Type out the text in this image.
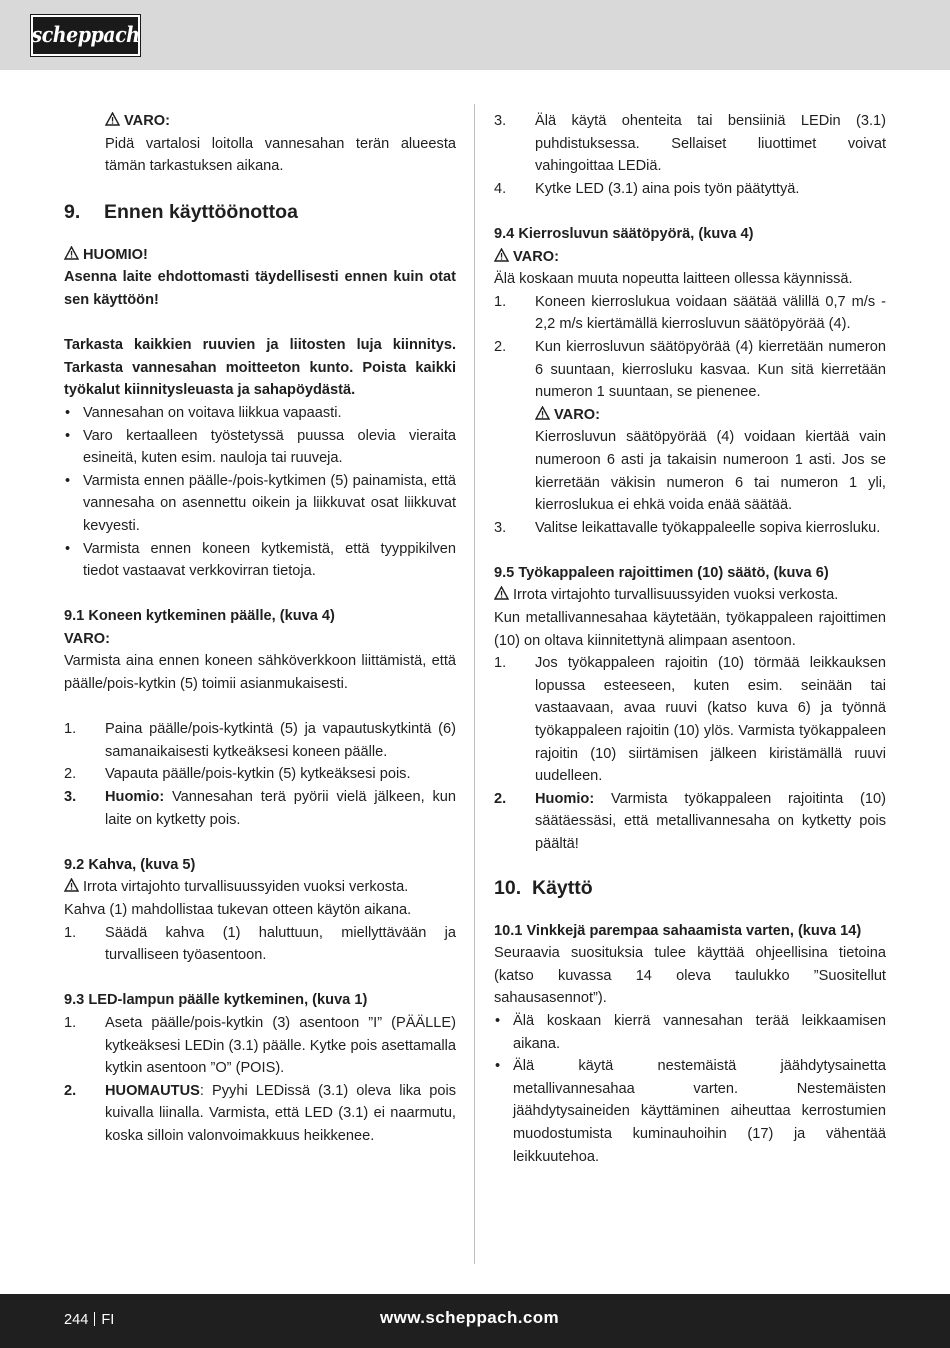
scheppach
VARO:
Pidä vartalosi loitolla vannesahan terän alueesta tämän tarkastuksen aikana.
9.	Ennen käyttöönottoa
HUOMIO!
Asenna laite ehdottomasti täydellisesti ennen kuin otat sen käyttöön!
Tarkasta kaikkien ruuvien ja liitosten luja kiinnitys. Tarkasta vannesahan moitteeton kunto. Poista kaikki työkalut kiinnitysleuasta ja sahapöydästä.
• Vannesahan on voitava liikkua vapaasti.
• Varo kertaalleen työstetyssä puussa olevia vieraita esineitä, kuten esim. nauloja tai ruuveja.
• Varmista ennen päälle-/pois-kytkimen (5) painamista, että vannesaha on asennettu oikein ja liikkuvat osat liikkuvat kevyesti.
• Varmista ennen koneen kytkemistä, että tyyppikilven tiedot vastaavat verkkovirran tietoja.
9.1 Koneen kytkeminen päälle, (kuva 4)
VARO:
Varmista aina ennen koneen sähköverkkoon liittämistä, että päälle/pois-kytkin (5) toimii asianmukaisesti.
1.	Paina päälle/pois-kytkintä (5) ja vapautuskytkintä (6) samanaikaisesti kytkeäksesi koneen päälle.
2.	Vapauta päälle/pois-kytkin (5) kytkeäksesi pois.
3.	Huomio: Vannesahan terä pyörii vielä jälkeen, kun laite on kytketty pois.
9.2 Kahva, (kuva 5)
Irrota virtajohto turvallisuussyiden vuoksi verkosta.
Kahva (1) mahdollistaa tukevan otteen käytön aikana.
1.	Säädä kahva (1) haluttuun, miellyttävään ja turvalliseen työasentoon.
9.3 LED-lampun päälle kytkeminen, (kuva 1)
1.	Aseta päälle/pois-kytkin (3) asentoon ”I” (PÄÄLLE) kytkeäksesi LEDin (3.1) päälle. Kytke pois asettamalla kytkin asentoon ”O” (POIS).
2.	HUOMAUTUS: Pyyhi LEDissä (3.1) oleva lika pois kuivalla liinalla. Varmista, että LED (3.1) ei naarmutu, koska silloin valonvoimakkuus heikkenee.
3.	Älä käytä ohenteita tai bensiiniä LEDin (3.1) puhdistuksessa. Sellaiset liuottimet voivat vahingoittaa LEDiä.
4.	Kytke LED (3.1) aina pois työn päätyttyä.
9.4 Kierrosluvun säätöpyörä, (kuva 4)
VARO:
Älä koskaan muuta nopeutta laitteen ollessa käynnissä.
1.	Koneen kierroslukua voidaan säätää välillä 0,7 m/s - 2,2 m/s kiertämällä kierrosluvun säätöpyörää (4).
2.	Kun kierrosluvun säätöpyörää (4) kierretään numeron 6 suuntaan, kierrosluku kasvaa. Kun sitä kierretään numeron 1 suuntaan, se pienenee.
VARO:
Kierrosluvun säätöpyörää (4) voidaan kiertää vain numeroon 6 asti ja takaisin numeroon 1 asti. Jos se kierretään väkisin numeron 6 tai numeron 1 yli, kierroslukua ei ehkä voida enää säätää.
3.	Valitse leikattavalle työkappaleelle sopiva kierrosluku.
9.5 Työkappaleen rajoittimen (10) säätö, (kuva 6)
Irrota virtajohto turvallisuussyiden vuoksi verkosta.
Kun metallivannesahaa käytetään, työkappaleen rajoittimen (10) on oltava kiinnitettynä alimpaan asentoon.
1.	Jos työkappaleen rajoitin (10) törmää leikkauksen lopussa esteeseen, kuten esim. seinään tai vastaavaan, avaa ruuvi (katso kuva 6) ja työnnä työkappaleen rajoitin (10) ylös. Varmista työkappaleen rajoitin (10) siirtämisen jälkeen kiristämällä ruuvi uudelleen.
2.	Huomio: Varmista työkappaleen rajoitinta (10) säätäessäsi, että metallivannesaha on kytketty pois päältä!
10. Käyttö
10.1 Vinkkejä parempaa sahaamista varten, (kuva 14)
Seuraavia suosituksia tulee käyttää ohjeellisina tietoina (katso kuvassa 14 oleva taulukko ”Suositellut sahausasennot”).
• Älä koskaan kierrä vannesahan terää leikkaamisen aikana.
• Älä käytä nestemäistä jäähdytysainetta metallivannesahaa varten. Nestemäisten jäähdytysaineiden käyttäminen aiheuttaa kerrostumien muodostumista kuminauhoihin (17) ja vähentää leikkuutehoa.
244 FI	www.scheppach.com
